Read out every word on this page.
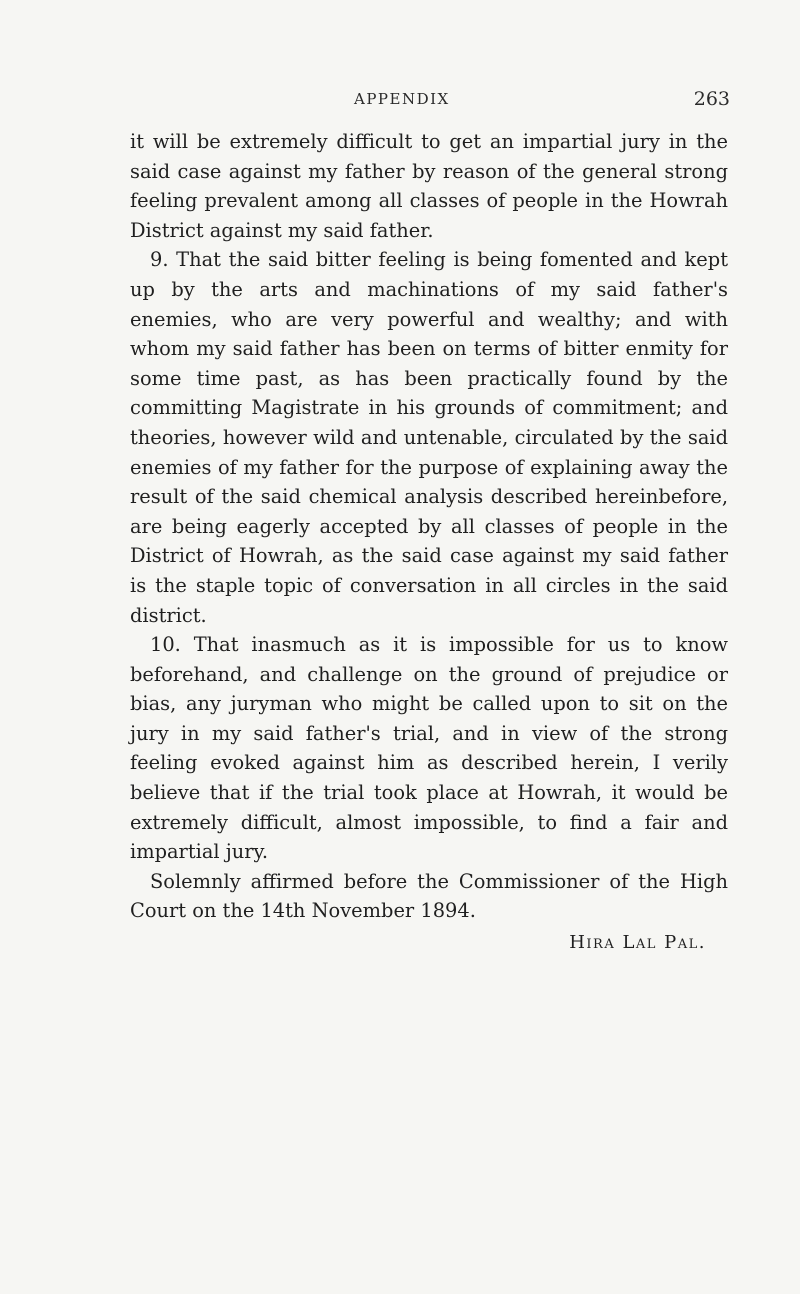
APPENDIX	263

it will be extremely difficult to get an impartial jury in the said case against my father by reason of the general strong feeling prevalent among all classes of people in the Howrah District against my said father.

9. That the said bitter feeling is being fomented and kept up by the arts and machinations of my said father's enemies, who are very powerful and wealthy; and with whom my said father has been on terms of bitter enmity for some time past, as has been practically found by the committing Magistrate in his grounds of commitment; and theories, however wild and untenable, circulated by the said enemies of my father for the purpose of explaining away the result of the said chemical analysis described hereinbefore, are being eagerly accepted by all classes of people in the District of Howrah, as the said case against my said father is the staple topic of conversation in all circles in the said district.

10. That inasmuch as it is impossible for us to know beforehand, and challenge on the ground of prejudice or bias, any juryman who might be called upon to sit on the jury in my said father's trial, and in view of the strong feeling evoked against him as described herein, I verily believe that if the trial took place at Howrah, it would be extremely difficult, almost impossible, to find a fair and impartial jury.

Solemnly affirmed before the Commissioner of the High Court on the 14th November 1894.

Hira Lal Pal.
